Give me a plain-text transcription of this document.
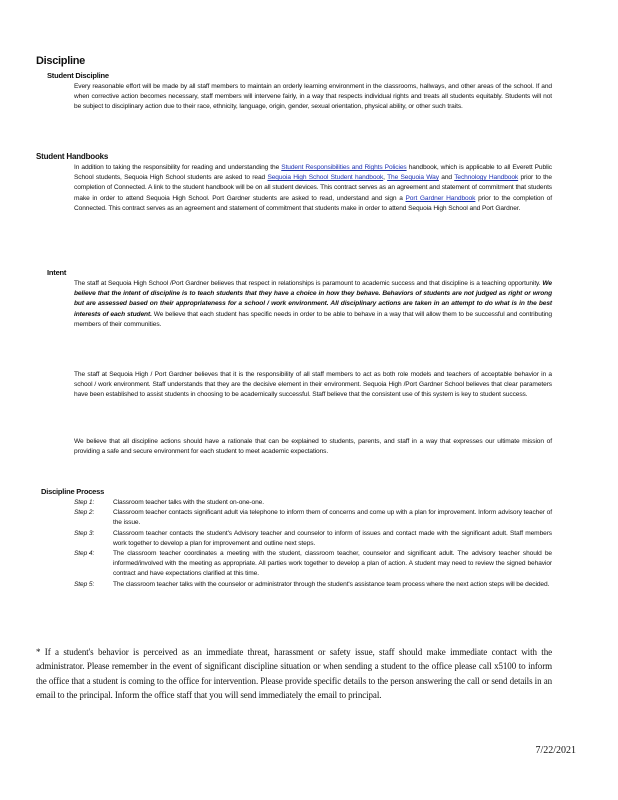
Discipline
Student Discipline

Every reasonable effort will be made by all staff members to maintain an orderly learning environment in the classrooms, hallways, and other areas of the school. If and when corrective action becomes necessary, staff members will intervene fairly, in a way that respects individual rights and treats all students equitably. Students will not be subject to disciplinary action due to their race, ethnicity, language, origin, gender, sexual orientation, physical ability, or other such traits.

Student Handbooks

In addition to taking the responsibility for reading and understanding the Student Responsibilities and Rights Policies handbook, which is applicable to all Everett Public School students, Sequoia High School students are asked to read Sequoia High School Student handbook, The Sequoia Way and Technology Handbook prior to the completion of Connected. A link to the student handbook will be on all student devices. This contract serves as an agreement and statement of commitment that students make in order to attend Sequoia High School. Port Gardner students are asked to read, understand and sign a Port Gardner Handbook prior to the completion of Connected. This contract serves as an agreement and statement of commitment that students make in order to attend Sequoia High School and Port Gardner.

Intent

The staff at Sequoia High School /Port Gardner believes that respect in relationships is paramount to academic success and that discipline is a teaching opportunity. We believe that the intent of discipline is to teach students that they have a choice in how they behave. Behaviors of students are not judged as right or wrong but are assessed based on their appropriateness for a school / work environment. All disciplinary actions are taken in an attempt to do what is in the best interests of each student. We believe that each student has specific needs in order to be able to behave in a way that will allow them to be successful and contributing members of their communities.

The staff at Sequoia High / Port Gardner believes that it is the responsibility of all staff members to act as both role models and teachers of acceptable behavior in a school / work environment. Staff understands that they are the decisive element in their environment. Sequoia High /Port Gardner School believes that clear parameters have been established to assist students in choosing to be academically successful. Staff believe that the consistent use of this system is key to student success.

We believe that all discipline actions should have a rationale that can be explained to students, parents, and staff in a way that expresses our ultimate mission of providing a safe and secure environment for each student to meet academic expectations.

Discipline Process
Step 1:	Classroom teacher talks with the student on-one-one.
Step 2:	Classroom teacher contacts significant adult via telephone to inform them of concerns and come up with a plan for improvement. Inform advisory teacher of the issue.
Step 3:	Classroom teacher contacts the student's Advisory teacher and counselor to inform of issues and contact made with the significant adult. Staff members work together to develop a plan for improvement and outline next steps.
Step 4:	The classroom teacher coordinates a meeting with the student, classroom teacher, counselor and significant adult. The advisory teacher should be informed/involved with the meeting as appropriate. All parties work together to develop a plan of action. A student may need to review the signed behavior contract and have expectations clarified at this time.
Step 5:	The classroom teacher talks with the counselor or administrator through the student's assistance team process where the next action steps will be decided.

* If a student's behavior is perceived as an immediate threat, harassment or safety issue, staff should make immediate contact with the administrator. Please remember in the event of significant discipline situation or when sending a student to the office please call x5100 to inform the office that a student is coming to the office for intervention. Please provide specific details to the person answering the call or send details in an email to the principal. Inform the office staff that you will send immediately the email to principal.

7/22/2021
